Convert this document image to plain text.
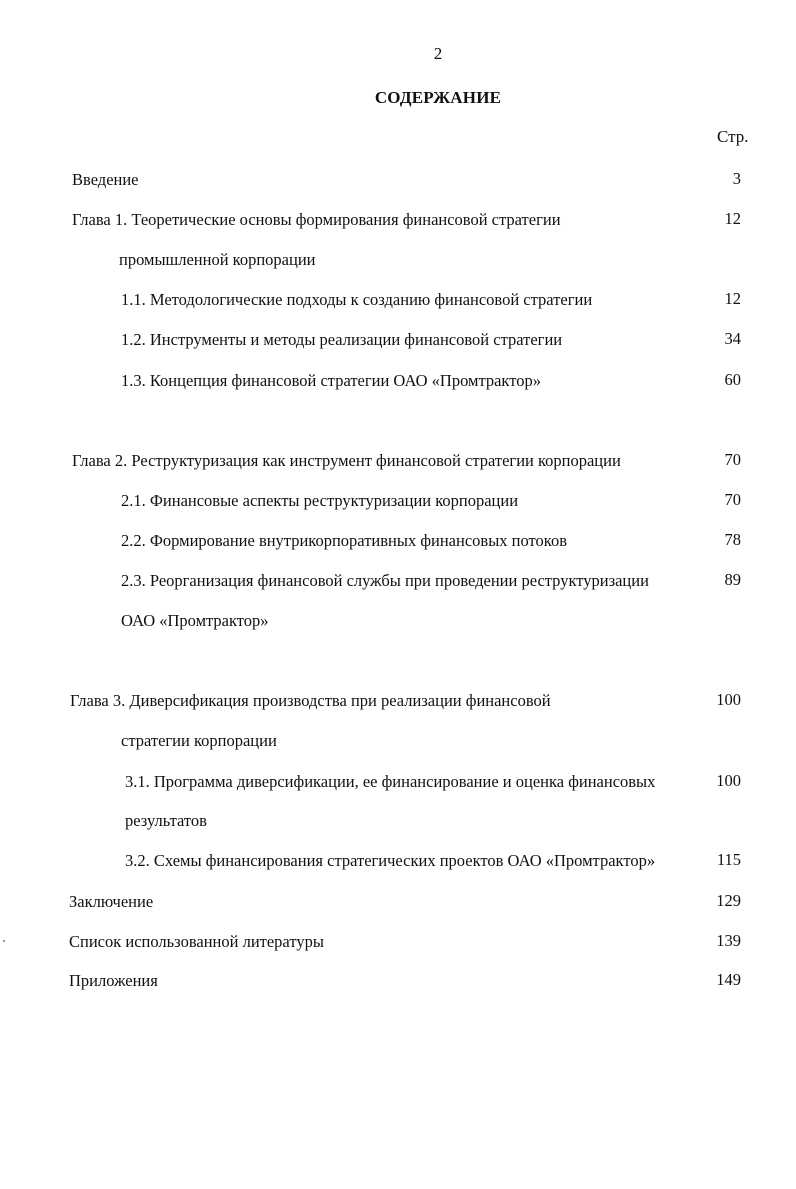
2
СОДЕРЖАНИЕ
Стр.
Введение	3
Глава 1. Теоретические основы формирования финансовой стратегии	12
промышленной корпорации
1.1. Методологические подходы к созданию финансовой стратегии	12
1.2. Инструменты и методы реализации финансовой стратегии	34
1.3. Концепция финансовой стратегии ОАО «Промтрактор»	60
Глава 2. Реструктуризация как инструмент финансовой стратегии корпорации	70
2.1. Финансовые аспекты реструктуризации корпорации	70
2.2. Формирование внутрикорпоративных финансовых потоков	78
2.3. Реорганизация финансовой службы при проведении реструктуризации	89
ОАО «Промтрактор»
Глава 3. Диверсификация производства при реализации финансовой	100
стратегии корпорации
3.1. Программа диверсификации, ее финансирование и оценка финансовых	100
результатов
3.2. Схемы финансирования стратегических проектов ОАО «Промтрактор»	115
Заключение	129
Список использованной литературы	139
Приложения	149
